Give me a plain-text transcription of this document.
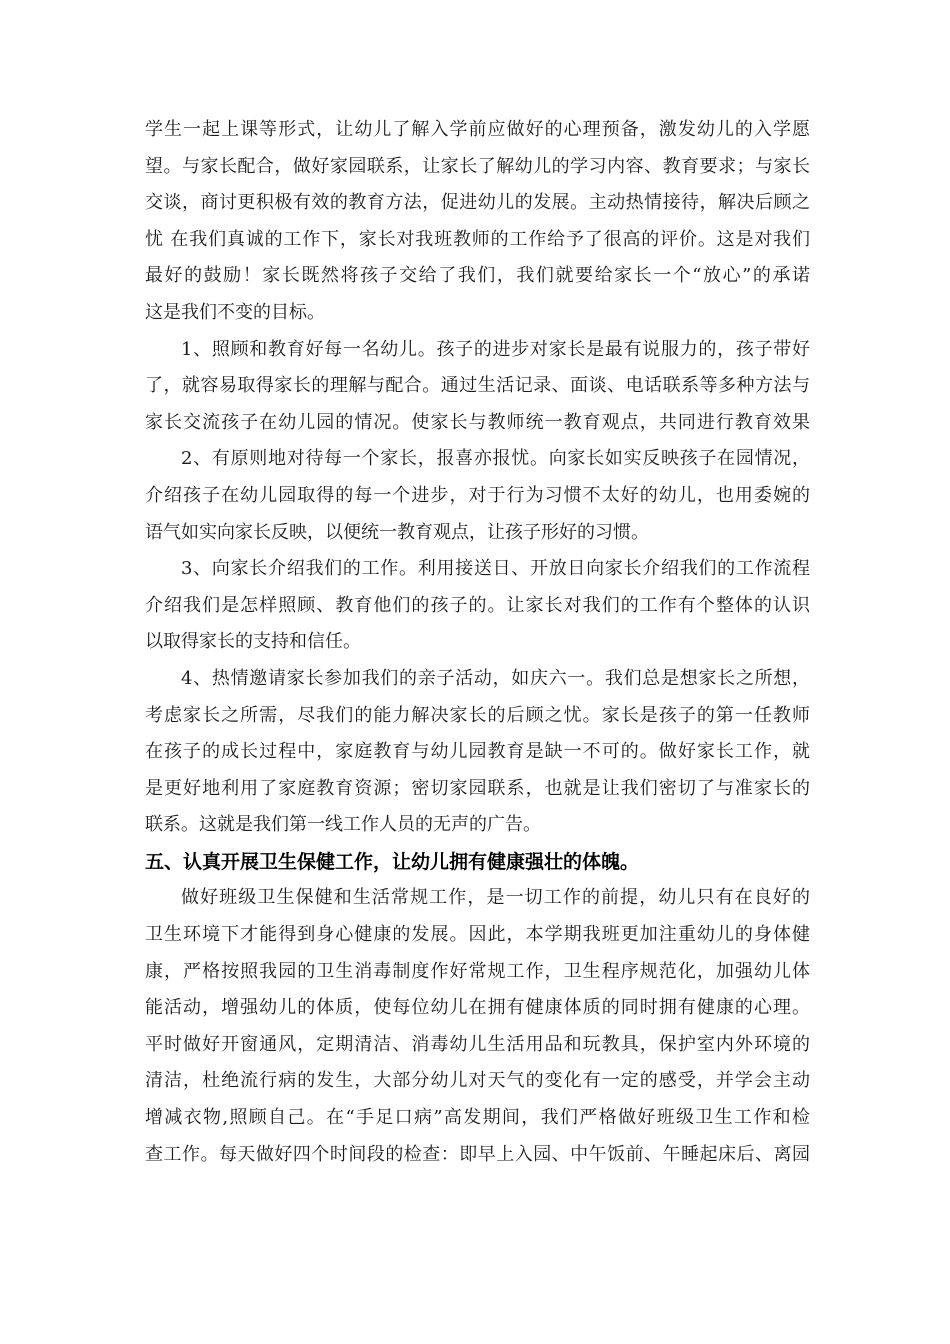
学生一起上课等形式，让幼儿了解入学前应做好的心理预备，激发幼儿的入学愿
望。与家长配合，做好家园联系，让家长了解幼儿的学习内容、教育要求；与家长
交谈，商讨更积极有效的教育方法，促进幼儿的发展。主动热情接待，解决后顾之
忧 在我们真诚的工作下，家长对我班教师的工作给予了很高的评价。这是对我们
最好的鼓励！家长既然将孩子交给了我们，我们就要给家长一个“放心”的承诺
这是我们不变的目标。
1、照顾和教育好每一名幼儿。孩子的进步对家长是最有说服力的，孩子带好
了，就容易取得家长的理解与配合。通过生活记录、面谈、电话联系等多种方法与
家长交流孩子在幼儿园的情况。使家长与教师统一教育观点，共同进行教育效果
2、有原则地对待每一个家长，报喜亦报忧。向家长如实反映孩子在园情况，
介绍孩子在幼儿园取得的每一个进步，对于行为习惯不太好的幼儿，也用委婉的
语气如实向家长反映，以便统一教育观点，让孩子形好的习惯。
3、向家长介绍我们的工作。利用接送日、开放日向家长介绍我们的工作流程
介绍我们是怎样照顾、教育他们的孩子的。让家长对我们的工作有个整体的认识
以取得家长的支持和信任。
4、热情邀请家长参加我们的亲子活动，如庆六一。我们总是想家长之所想，
考虑家长之所需，尽我们的能力解决家长的后顾之忧。家长是孩子的第一任教师
在孩子的成长过程中，家庭教育与幼儿园教育是缺一不可的。做好家长工作，就
是更好地利用了家庭教育资源；密切家园联系，也就是让我们密切了与准家长的
联系。这就是我们第一线工作人员的无声的广告。
五、认真开展卫生保健工作，让幼儿拥有健康强壮的体魄。
做好班级卫生保健和生活常规工作，是一切工作的前提，幼儿只有在良好的
卫生环境下才能得到身心健康的发展。因此，本学期我班更加注重幼儿的身体健
康，严格按照我园的卫生消毒制度作好常规工作，卫生程序规范化，加强幼儿体
能活动，增强幼儿的体质，使每位幼儿在拥有健康体质的同时拥有健康的心理。
平时做好开窗通风，定期清洁、消毒幼儿生活用品和玩教具，保护室内外环境的
清洁，杜绝流行病的发生，大部分幼儿对天气的变化有一定的感受，并学会主动
增减衣物,照顾自己。在“手足口病”高发期间，我们严格做好班级卫生工作和检
查工作。每天做好四个时间段的检查：即早上入园、中午饭前、午睡起床后、离园
